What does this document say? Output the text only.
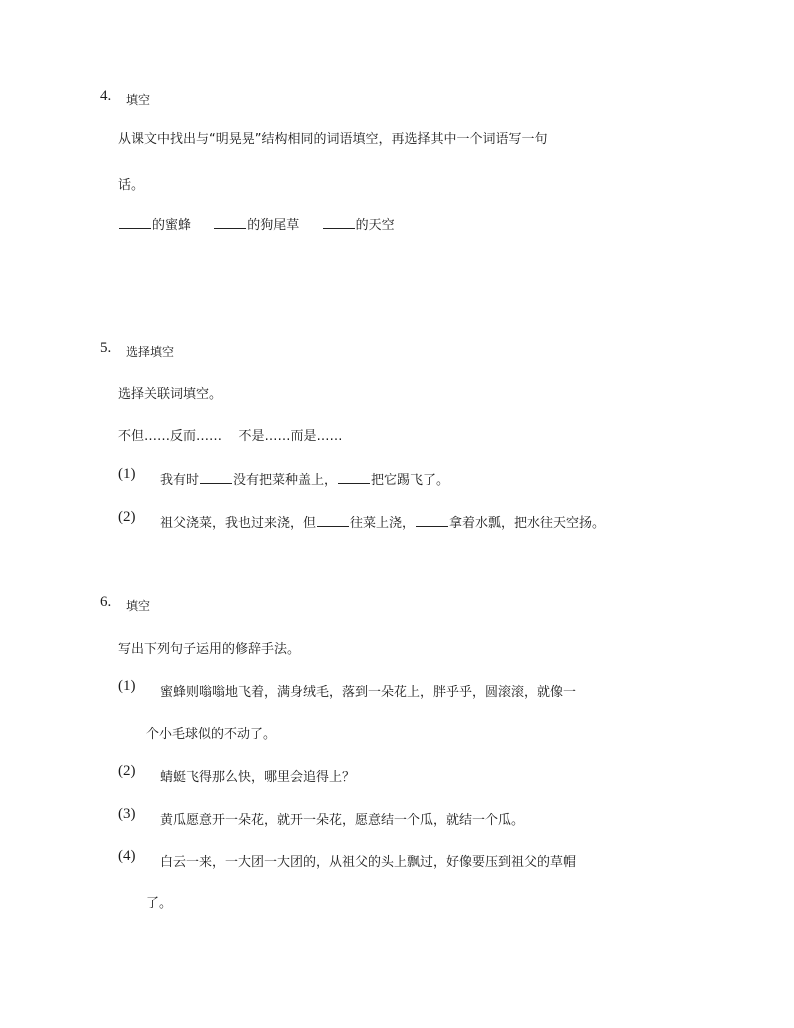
4. 填空
从课文中找出与“明晃晃”结构相同的词语填空，再选择其中一个词语写一句
话。
的蜜蜂	的狗尾草	的天空
5. 选择填空
选择关联词填空。
不但……反而……    不是……而是……
(1) 我有时	没有把菜种盖上，	把它踢飞了。
(2) 祖父浇菜，我也过来浇，但	往菜上浇，	拿着水瓢，把水往天空扬。
6. 填空
写出下列句子运用的修辞手法。
(1) 蜜蜂则嗡嗡地飞着，满身绒毛，落到一朵花上，胖乎乎，圆滚滚，就像一
个小毛球似的不动了。
(2) 蜻蜓飞得那么快，哪里会追得上？
(3) 黄瓜愿意开一朵花，就开一朵花，愿意结一个瓜，就结一个瓜。
(4) 白云一来，一大团一大团的，从祖父的头上飘过，好像要压到祖父的草帽
了。
